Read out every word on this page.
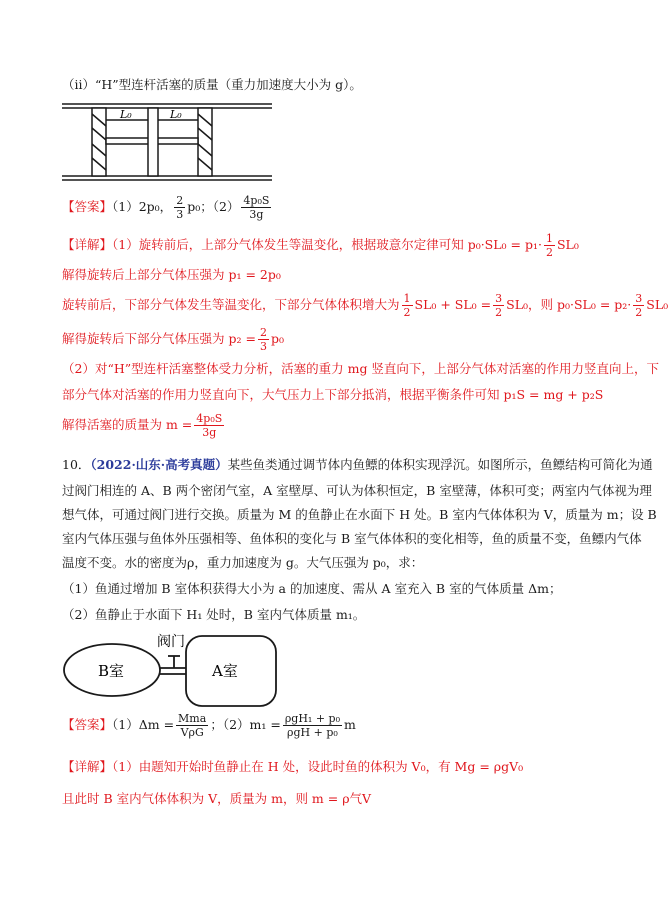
（ii）“H”型连杆活塞的质量（重力加速度大小为 g）。
L₀	L₀
【答案】（1）2p₀， $\frac{2}{3} p_0$；$(2) \frac{\text{4p₀S}}{3g}$
【详解】（1）旋转前后，上部分气体发生等温变化，根据玻意尔定律可知 $p_0\cdot SL_0 = p_1\cdot \frac{1}{2} SL_0$
解得旋转后上部分气体压强为 p₁ = 2p₀
旋转前后，下部分气体发生等温变化，下部分气体体积增大为 $\frac{1}{2} SL_0 + SL_0 = \frac{3}{2} SL_0$，则 $p_0\cdot SL_0 = p_2\cdot \frac{3}{2} SL_0$
解得旋转后下部分气体压强为 $p_2 = \frac{2}{3} p_0$
（2）对“H”型连杆活塞整体受力分析，活塞的重力 mg 竖直向下，上部分气体对活塞的作用力竖直向上，下
部分气体对活塞的作用力竖直向下，大气压力上下部分抵消，根据平衡条件可知 p₁S = mg + p₂S
解得活塞的质量为 $m = \frac{\text{4p₀S}}{3g}$
10．（2022·山东·高考真题）某些鱼类通过调节体内鱼鳔的体积实现浮沉。如图所示，鱼鳔结构可简化为通
过阀门相连的 A、B 两个密闭气室，A 室壁厚、可认为体积恒定，B 室壁薄，体积可变；两室内气体视为理
想气体，可通过阀门进行交换。质量为 M 的鱼静止在水面下 H 处。B 室内气体体积为 V，质量为 m；设 B
室内气体压强与鱼体外压强相等、鱼体积的变化与 B 室气体体积的变化相等，鱼的质量不变，鱼鳔内气体
温度不变。水的密度为ρ，重力加速度为 g。大气压强为 p₀，求：
（1）鱼通过增加 B 室体积获得大小为 a 的加速度、需从 A 室充入 B 室的气体质量 Δm；
（2）鱼静止于水面下 H₁ 处时，B 室内气体质量 m₁。
阀门
B室	A室
【答案】$(1)\Delta m = \frac{\text{Mma}}{\text{VρG}}$ ；$(2)m_1 = \frac{\text{ρgH₁ + p₀}}{\text{ρgH + p₀}}$ m
【详解】（1）由题知开始时鱼静止在 H 处，设此时鱼的体积为 V₀，有 Mg = ρgV₀
且此时 B 室内气体体积为 V，质量为 m，则 m = ρ气V
